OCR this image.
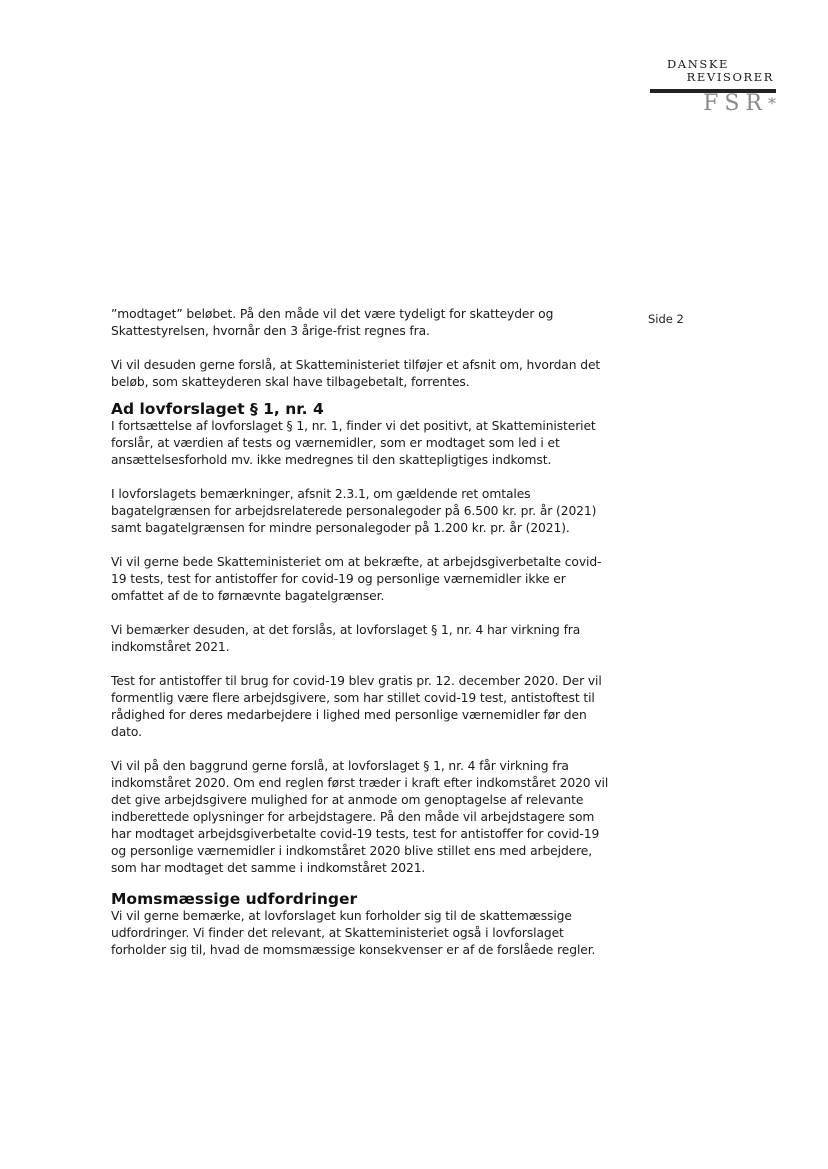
DANSKE
REVISORER
FSR*
Side 2

”modtaget” beløbet. På den måde vil det være tydeligt for skatteyder og Skattestyrelsen, hvornår den 3 årige-frist regnes fra.

Vi vil desuden gerne forslå, at Skatteministeriet tilføjer et afsnit om, hvordan det beløb, som skatteyderen skal have tilbagebetalt, forrentes.

Ad lovforslaget § 1, nr. 4

I fortsættelse af lovforslaget § 1, nr. 1, finder vi det positivt, at Skatteministeriet forslår, at værdien af tests og værnemidler, som er modtaget som led i et ansættelsesforhold mv. ikke medregnes til den skattepligtiges indkomst.

I lovforslagets bemærkninger, afsnit 2.3.1, om gældende ret omtales bagatelgrænsen for arbejdsrelaterede personalegoder på 6.500 kr. pr. år (2021) samt bagatelgrænsen for mindre personalegoder på 1.200 kr. pr. år (2021).

Vi vil gerne bede Skatteministeriet om at bekræfte, at arbejdsgiverbetalte covid-19 tests, test for antistoffer for covid-19 og personlige værnemidler ikke er omfattet af de to førnævnte bagatelgrænser.

Vi bemærker desuden, at det forslås, at lovforslaget § 1, nr. 4 har virkning fra indkomståret 2021.

Test for antistoffer til brug for covid-19 blev gratis pr. 12. december 2020. Der vil formentlig være flere arbejdsgivere, som har stillet covid-19 test, antistoftest til rådighed for deres medarbejdere i lighed med personlige værnemidler før den dato.

Vi vil på den baggrund gerne forslå, at lovforslaget § 1, nr. 4 får virkning fra indkomståret 2020. Om end reglen først træder i kraft efter indkomståret 2020 vil det give arbejdsgivere mulighed for at anmode om genoptagelse af relevante indberettede oplysninger for arbejdstagere. På den måde vil arbejdstagere som har modtaget arbejdsgiverbetalte covid-19 tests, test for antistoffer for covid-19 og personlige værnemidler i indkomståret 2020 blive stillet ens med arbejdere, som har modtaget det samme i indkomståret 2021.

Momsmæssige udfordringer

Vi vil gerne bemærke, at lovforslaget kun forholder sig til de skattemæssige udfordringer. Vi finder det relevant, at Skatteministeriet også i lovforslaget forholder sig til, hvad de momsmæssige konsekvenser er af de forslåede regler.
